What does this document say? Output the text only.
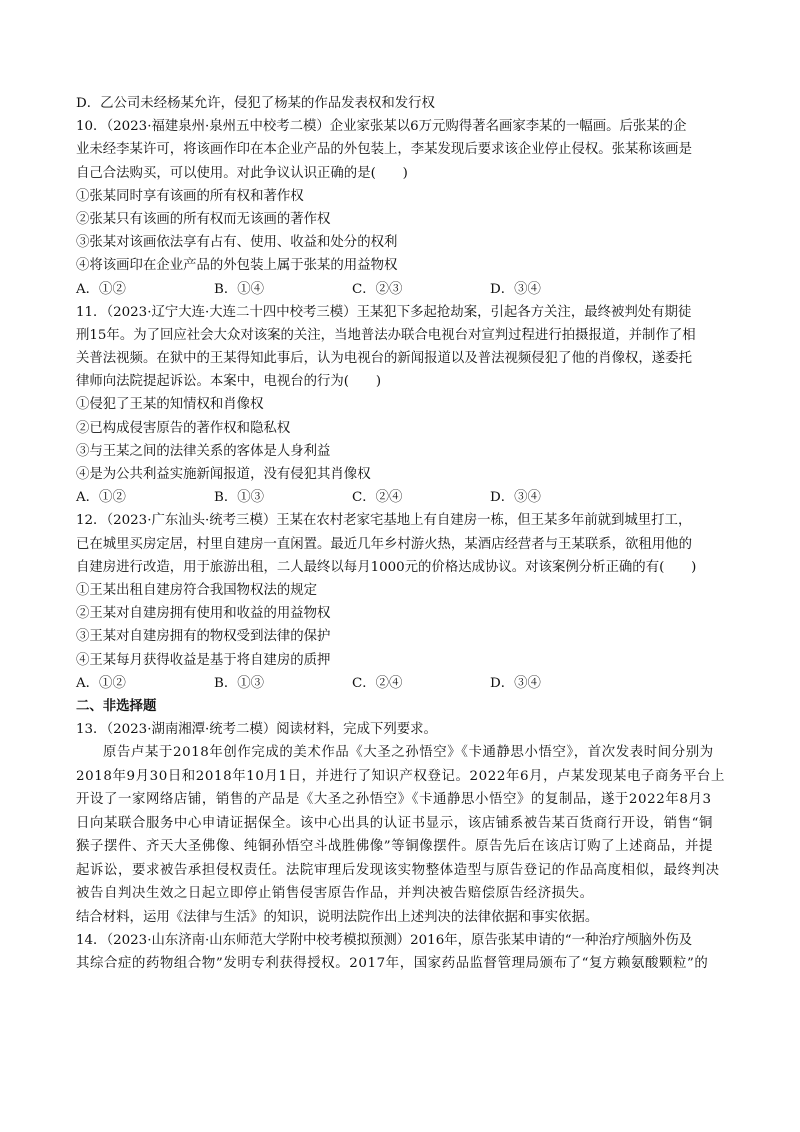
D．乙公司未经杨某允许，侵犯了杨某的作品发表权和发行权
10．（2023·福建泉州·泉州五中校考二模）企业家张某以6万元购得著名画家李某的一幅画。后张某的企
业未经李某许可，将该画作印在本企业产品的外包装上，李某发现后要求该企业停止侵权。张某称该画是
自己合法购买，可以使用。对此争议认识正确的是(　　)
①张某同时享有该画的所有权和著作权
②张某只有该画的所有权而无该画的著作权
③张某对该画依法享有占有、使用、收益和处分的权利
④将该画印在企业产品的外包装上属于张某的用益物权
A．①②	B．①④	C．②③	D．③④
11．（2023·辽宁大连·大连二十四中校考三模）王某犯下多起抢劫案，引起各方关注，最终被判处有期徒
刑15年。为了回应社会大众对该案的关注，当地普法办联合电视台对宣判过程进行拍摄报道，并制作了相
关普法视频。在狱中的王某得知此事后，认为电视台的新闻报道以及普法视频侵犯了他的肖像权，遂委托
律师向法院提起诉讼。本案中，电视台的行为(　　)
①侵犯了王某的知情权和肖像权
②已构成侵害原告的著作权和隐私权
③与王某之间的法律关系的客体是人身利益
④是为公共利益实施新闻报道，没有侵犯其肖像权
A．①②	B．①③	C．②④	D．③④
12．（2023·广东汕头·统考三模）王某在农村老家宅基地上有自建房一栋，但王某多年前就到城里打工，
已在城里买房定居，村里自建房一直闲置。最近几年乡村游火热，某酒店经营者与王某联系，欲租用他的
自建房进行改造，用于旅游出租，二人最终以每月1000元的价格达成协议。对该案例分析正确的有(　　)
①王某出租自建房符合我国物权法的规定
②王某对自建房拥有使用和收益的用益物权
③王某对自建房拥有的物权受到法律的保护
④王某每月获得收益是基于将自建房的质押
A．①②	B．①③	C．②④	D．③④
二、非选择题
13．（2023·湖南湘潭·统考二模）阅读材料，完成下列要求。
原告卢某于2018年创作完成的美术作品《大圣之孙悟空》《卡通静思小悟空》，首次发表时间分别为
2018年9月30日和2018年10月1日，并进行了知识产权登记。2022年6月，卢某发现某电子商务平台上
开设了一家网络店铺，销售的产品是《大圣之孙悟空》《卡通静思小悟空》的复制品，遂于2022年8月3
日向某联合服务中心申请证据保全。该中心出具的认证书显示，该店铺系被告某百货商行开设，销售“铜
猴子摆件、齐天大圣佛像、纯铜孙悟空斗战胜佛像”等铜像摆件。原告先后在该店订购了上述商品，并提
起诉讼，要求被告承担侵权责任。法院审理后发现该实物整体造型与原告登记的作品高度相似，最终判决
被告自判决生效之日起立即停止销售侵害原告作品，并判决被告赔偿原告经济损失。
结合材料，运用《法律与生活》的知识，说明法院作出上述判决的法律依据和事实依据。
14．（2023·山东济南·山东师范大学附中校考模拟预测）2016年，原告张某申请的“一种治疗颅脑外伤及
其综合症的药物组合物”发明专利获得授权。2017年，国家药品监督管理局颁布了“复方赖氨酸颗粒”的
